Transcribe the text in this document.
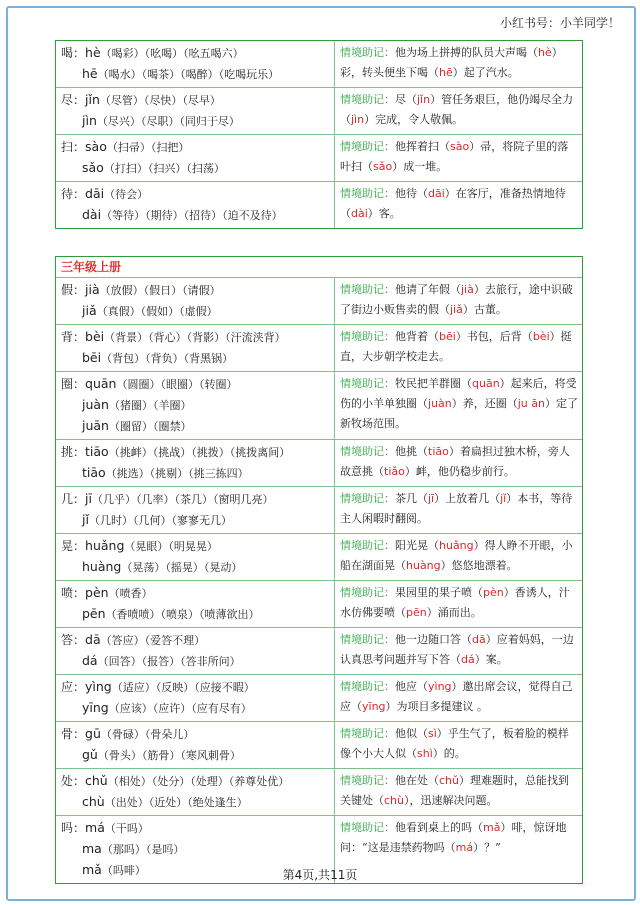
小红书号：小羊同学！
喝：hè（喝彩）（吆喝）（吆五喝六）
hē（喝水）（喝茶）（喝醉）（吃喝玩乐）
情境助记：他为场上拼搏的队员大声喝（hè）彩，转头便坐下喝（hē）起了汽水。
尽：jǐn（尽管）（尽快）（尽早）
jìn（尽兴）（尽职）（同归于尽）
情境助记：尽（jǐn）管任务艰巨，他仍竭尽全力（jìn）完成，令人敬佩。
扫：sào（扫帚）（扫把）
sǎo（打扫）（扫兴）（扫荡）
情境助记：他挥着扫（sào）帚，将院子里的落叶扫（sǎo）成一堆。
待：dāi（待会）
dài（等待）（期待）（招待）（迫不及待）
情境助记：他待（dāi）在客厅，准备热情地待（dài）客。
三年级上册
假：jià（放假）（假日）（请假）
jiǎ（真假）（假如）（虚假）
情境助记：他请了年假（jià）去旅行，途中识破了街边小贩售卖的假（jiǎ）古董。
背：bèi（背景）（背心）（背影）（汗流浃背）
bēi（背包）（背负）（背黑锅）
情境助记：他背着（bēi）书包，后背（bèi）挺直，大步朝学校走去。
圈：quān（圆圈）（眼圈）（转圈）
juàn（猪圈）（羊圈）
juān（圈留）（圈禁）
情境助记：牧民把羊群圈（quān）起来后，将受伤的小羊单独圈（juàn）养，还圈（ju ān）定了新牧场范围。
挑：tiāo（挑衅）（挑战）（挑拨）（挑拨离间）
tiāo（挑选）（挑剔）（挑三拣四）
情境助记：他挑（tiāo）着扁担过独木桥，旁人故意挑（tiǎo）衅，他仍稳步前行。
几：jī（几乎）（几率）（茶几）（窗明几亮）
jǐ（几时）（几何）（寥寥无几）
情境助记：茶几（jī）上放着几（jǐ）本书，等待主人闲暇时翻阅。
晃：huǎng（晃眼）（明晃晃）
huàng（晃荡）（摇晃）（晃动）
情境助记：阳光晃（huǎng）得人睁不开眼，小船在湖面晃（huàng）悠悠地漂着。
喷：pèn（喷香）
pēn（香喷喷）（喷泉）（喷薄欲出）
情境助记：果园里的果子喷（pèn）香诱人，汁水仿佛要喷（pēn）涌而出。
答：dā（答应）（爱答不理）
dá（回答）（报答）（答非所问）
情境助记：他一边随口答（dā）应着妈妈，一边认真思考问题并写下答（dá）案。
应：yìng（适应）（反映）（应接不暇）
yīng（应该）（应许）（应有尽有）
情境助记：他应（yìng）邀出席会议，觉得自己应（yīng）为项目多提建议 。
骨：gū（骨碌）（骨朵儿）
gǔ（骨头）（筋骨）（寒风刺骨）
情境助记：他似（sì）乎生气了，板着脸的模样像个小大人似（shì）的。
处：chǔ（相处）（处分）（处理）（养尊处优）
chù（出处）（近处）（绝处逢生）
情境助记：他在处（chǔ）理难题时，总能找到关键处（chù），迅速解决问题。
吗：má（干吗）
ma（那吗）（是吗）
mǎ（吗啡）
情境助记：他看到桌上的吗（mǎ）啡，惊讶地问：“这是违禁药物吗（má）？”
第4页,共11页
